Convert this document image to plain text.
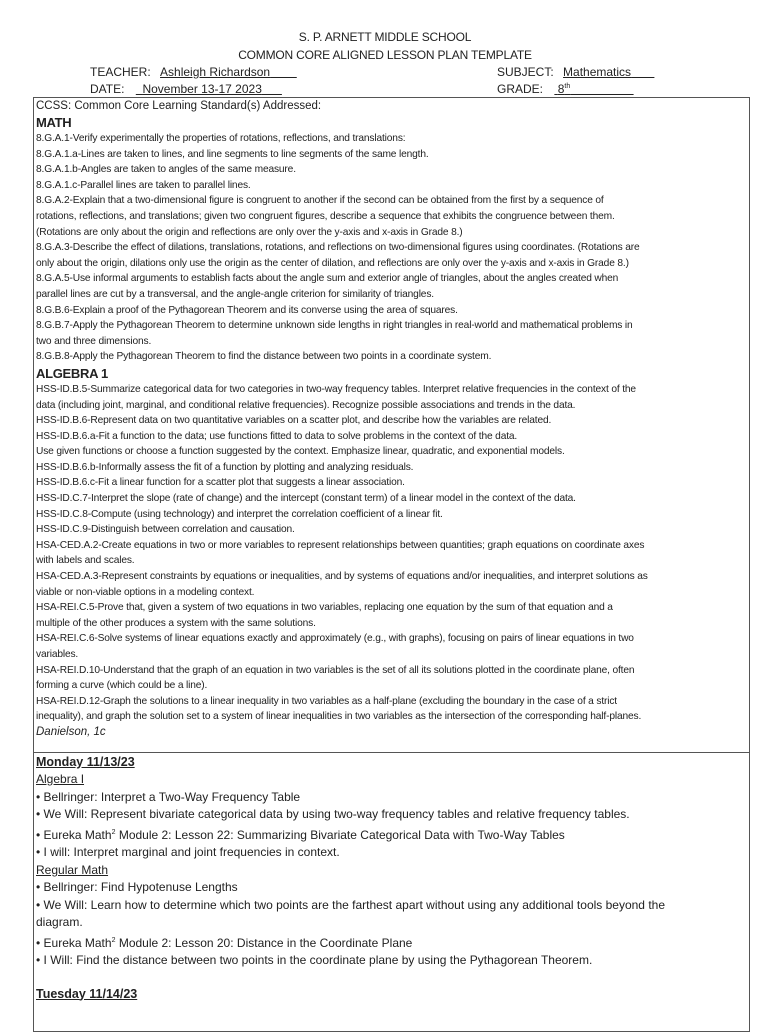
S. P. ARNETT MIDDLE SCHOOL
COMMON CORE ALIGNED LESSON PLAN TEMPLATE
TEACHER: Ashleigh Richardson	SUBJECT: Mathematics
DATE: November 13-17 2023	GRADE: 8th
CCSS: Common Core Learning Standard(s) Addressed:
MATH
8.G.A.1-Verify experimentally the properties of rotations, reflections, and translations:
8.G.A.1.a-Lines are taken to lines, and line segments to line segments of the same length.
8.G.A.1.b-Angles are taken to angles of the same measure.
8.G.A.1.c-Parallel lines are taken to parallel lines.
8.G.A.2-Explain that a two-dimensional figure is congruent to another if the second can be obtained from the first by a sequence of
rotations, reflections, and translations; given two congruent figures, describe a sequence that exhibits the congruence between them.
(Rotations are only about the origin and reflections are only over the y-axis and x-axis in Grade 8.)
8.G.A.3-Describe the effect of dilations, translations, rotations, and reflections on two-dimensional figures using coordinates. (Rotations are
only about the origin, dilations only use the origin as the center of dilation, and reflections are only over the y-axis and x-axis in Grade 8.)
8.G.A.5-Use informal arguments to establish facts about the angle sum and exterior angle of triangles, about the angles created when
parallel lines are cut by a transversal, and the angle-angle criterion for similarity of triangles.
8.G.B.6-Explain a proof of the Pythagorean Theorem and its converse using the area of squares.
8.G.B.7-Apply the Pythagorean Theorem to determine unknown side lengths in right triangles in real-world and mathematical problems in
two and three dimensions.
8.G.B.8-Apply the Pythagorean Theorem to find the distance between two points in a coordinate system.
ALGEBRA 1
HSS-ID.B.5-Summarize categorical data for two categories in two-way frequency tables. Interpret relative frequencies in the context of the
data (including joint, marginal, and conditional relative frequencies). Recognize possible associations and trends in the data.
HSS-ID.B.6-Represent data on two quantitative variables on a scatter plot, and describe how the variables are related.
HSS-ID.B.6.a-Fit a function to the data; use functions fitted to data to solve problems in the context of the data.
Use given functions or choose a function suggested by the context. Emphasize linear, quadratic, and exponential models.
HSS-ID.B.6.b-Informally assess the fit of a function by plotting and analyzing residuals.
HSS-ID.B.6.c-Fit a linear function for a scatter plot that suggests a linear association.
HSS-ID.C.7-Interpret the slope (rate of change) and the intercept (constant term) of a linear model in the context of the data.
HSS-ID.C.8-Compute (using technology) and interpret the correlation coefficient of a linear fit.
HSS-ID.C.9-Distinguish between correlation and causation.
HSA-CED.A.2-Create equations in two or more variables to represent relationships between quantities; graph equations on coordinate axes
with labels and scales.
HSA-CED.A.3-Represent constraints by equations or inequalities, and by systems of equations and/or inequalities, and interpret solutions as
viable or non-viable options in a modeling context.
HSA-REI.C.5-Prove that, given a system of two equations in two variables, replacing one equation by the sum of that equation and a
multiple of the other produces a system with the same solutions.
HSA-REI.C.6-Solve systems of linear equations exactly and approximately (e.g., with graphs), focusing on pairs of linear equations in two
variables.
HSA-REI.D.10-Understand that the graph of an equation in two variables is the set of all its solutions plotted in the coordinate plane, often
forming a curve (which could be a line).
HSA-REI.D.12-Graph the solutions to a linear inequality in two variables as a half-plane (excluding the boundary in the case of a strict
inequality), and graph the solution set to a system of linear inequalities in two variables as the intersection of the corresponding half-planes.
Danielson, 1c
Monday 11/13/23
Algebra I
• Bellringer: Interpret a Two-Way Frequency Table
• We Will: Represent bivariate categorical data by using two-way frequency tables and relative frequency tables.
• Eureka Math$^2$ Module 2: Lesson 22: Summarizing Bivariate Categorical Data with Two-Way Tables
• I will: Interpret marginal and joint frequencies in context.
Regular Math
• Bellringer: Find Hypotenuse Lengths
• We Will: Learn how to determine which two points are the farthest apart without using any additional tools beyond the
diagram.
• Eureka Math$^2$ Module 2: Lesson 20: Distance in the Coordinate Plane
• I Will: Find the distance between two points in the coordinate plane by using the Pythagorean Theorem.
Tuesday 11/14/23
